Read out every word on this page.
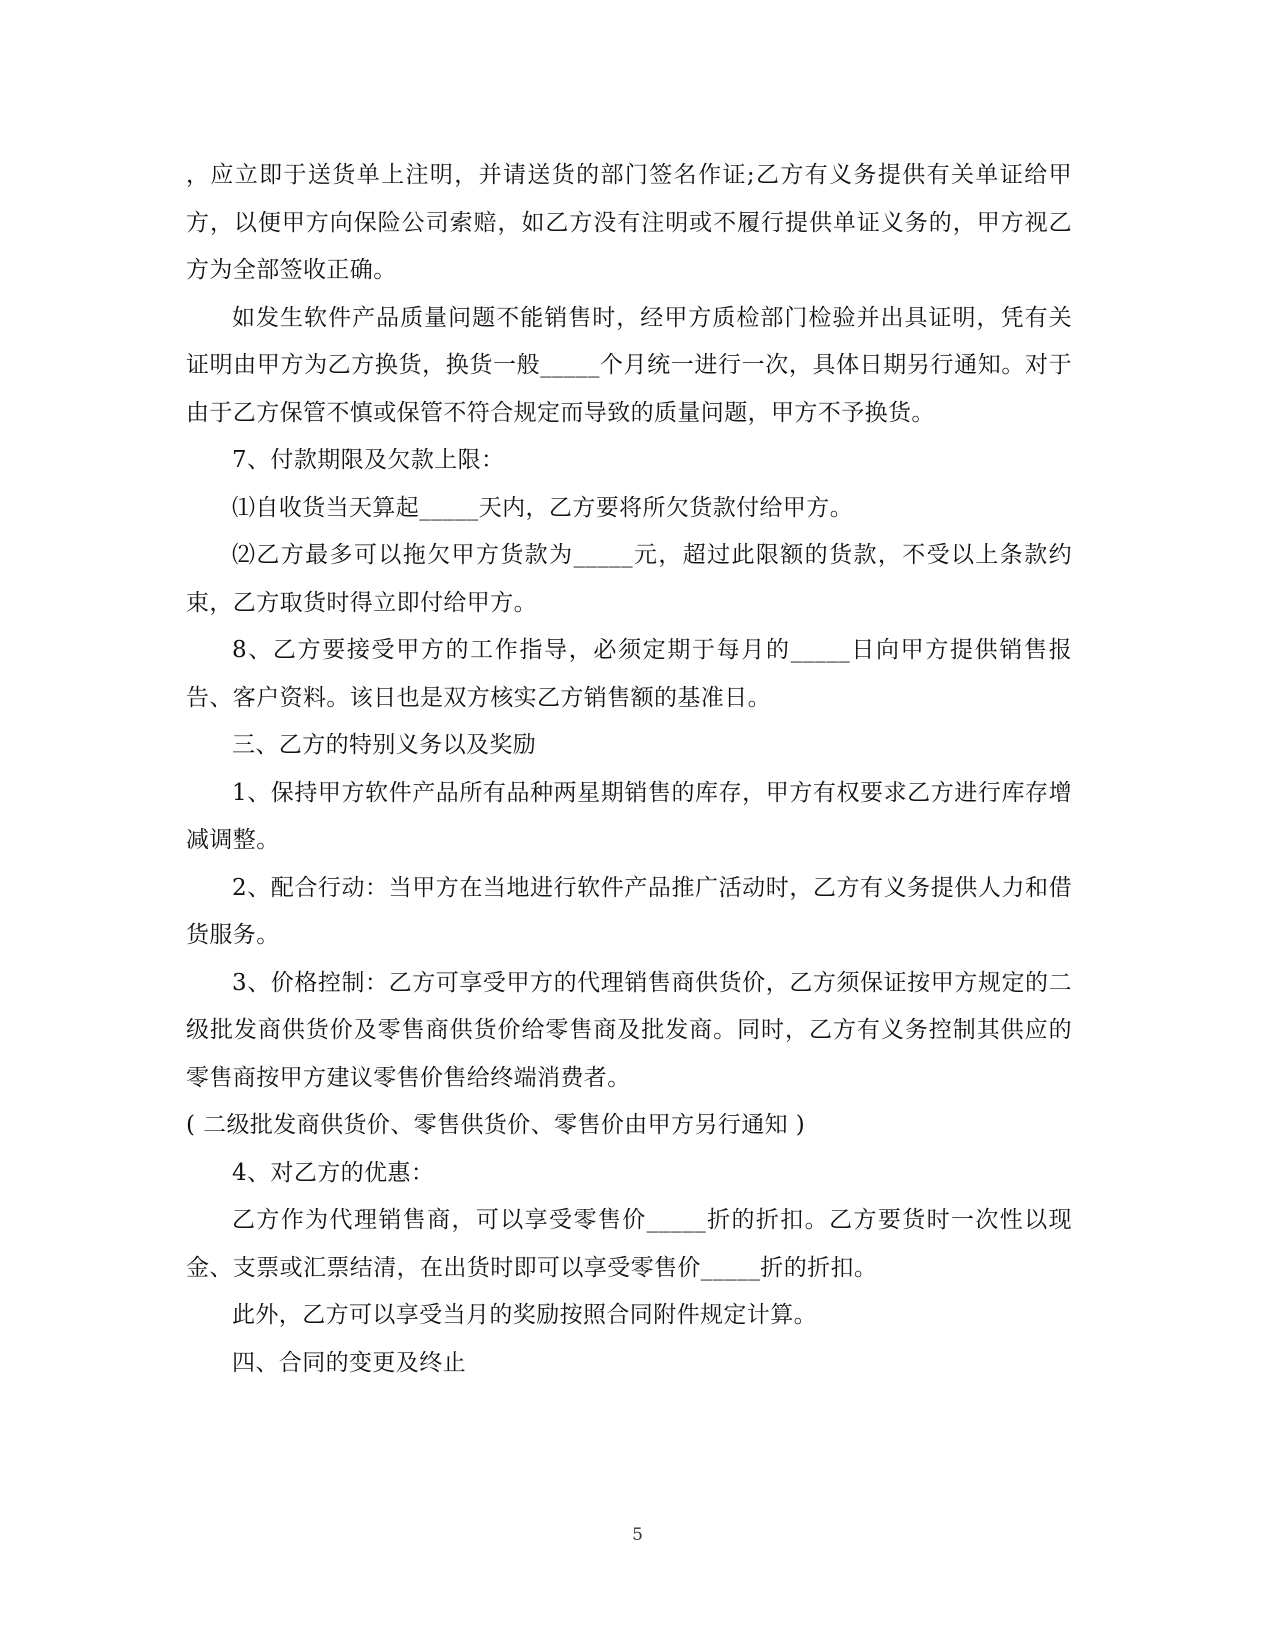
，应立即于送货单上注明，并请送货的部门签名作证;乙方有义务提供有关单证给甲方，以便甲方向保险公司索赔，如乙方没有注明或不履行提供单证义务的，甲方视乙方为全部签收正确。

如发生软件产品质量问题不能销售时，经甲方质检部门检验并出具证明，凭有关证明由甲方为乙方换货，换货一般_____个月统一进行一次，具体日期另行通知。对于由于乙方保管不慎或保管不符合规定而导致的质量问题，甲方不予换货。

7、付款期限及欠款上限：

⑴自收货当天算起_____天内，乙方要将所欠货款付给甲方。

⑵乙方最多可以拖欠甲方货款为_____元，超过此限额的货款，不受以上条款约束，乙方取货时得立即付给甲方。

8、乙方要接受甲方的工作指导，必须定期于每月的_____日向甲方提供销售报告、客户资料。该日也是双方核实乙方销售额的基准日。

三、乙方的特别义务以及奖励

1、保持甲方软件产品所有品种两星期销售的库存，甲方有权要求乙方进行库存增减调整。

2、配合行动：当甲方在当地进行软件产品推广活动时，乙方有义务提供人力和借货服务。

3、价格控制：乙方可享受甲方的代理销售商供货价，乙方须保证按甲方规定的二级批发商供货价及零售商供货价给零售商及批发商。同时，乙方有义务控制其供应的零售商按甲方建议零售价售给终端消费者。

( 二级批发商供货价、零售供货价、零售价由甲方另行通知 )

4、对乙方的优惠：

乙方作为代理销售商，可以享受零售价_____折的折扣。乙方要货时一次性以现金、支票或汇票结清，在出货时即可以享受零售价_____折的折扣。

此外，乙方可以享受当月的奖励按照合同附件规定计算。

四、合同的变更及终止

5
